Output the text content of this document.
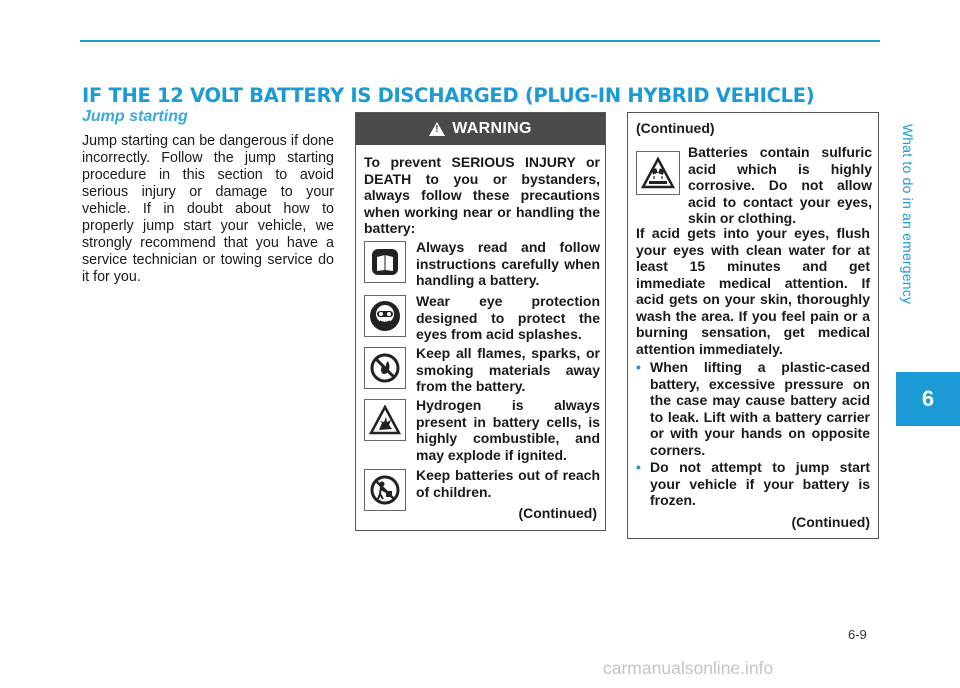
IF THE 12 VOLT BATTERY IS DISCHARGED (PLUG-IN HYBRID VEHICLE)
Jump starting
Jump starting can be dangerous if done incorrectly. Follow the jump starting procedure in this section to avoid serious injury or damage to your vehicle. If in doubt about how to properly jump start your vehicle, we strongly recommend that you have a service technician or towing service do it for you.
!
WARNING
To prevent SERIOUS INJURY or DEATH to you or bystanders, always follow these precautions when working near or handling the battery:
Always read and follow instructions carefully when handling a battery.
Wear eye protection designed to protect the eyes from acid splashes.
Keep all flames, sparks, or smoking materials away from the battery.
Hydrogen is always present in battery cells, is highly combustible, and may explode if ignited.
Keep batteries out of reach of children.
(Continued)
(Continued)
Batteries contain sulfuric acid which is highly corrosive. Do not allow acid to contact your eyes, skin or clothing.
If acid gets into your eyes, flush your eyes with clean water for at least 15 minutes and get immediate medical attention. If acid gets on your skin, thoroughly wash the area. If you feel pain or a burning sensation, get medical attention immediately.
• When lifting a plastic-cased battery, excessive pressure on the case may cause battery acid to leak. Lift with a battery carrier or with your hands on opposite corners.
• Do not attempt to jump start your vehicle if your battery is frozen.
(Continued)
What to do in an emergency
6
6-9
carmanualsonline.info
